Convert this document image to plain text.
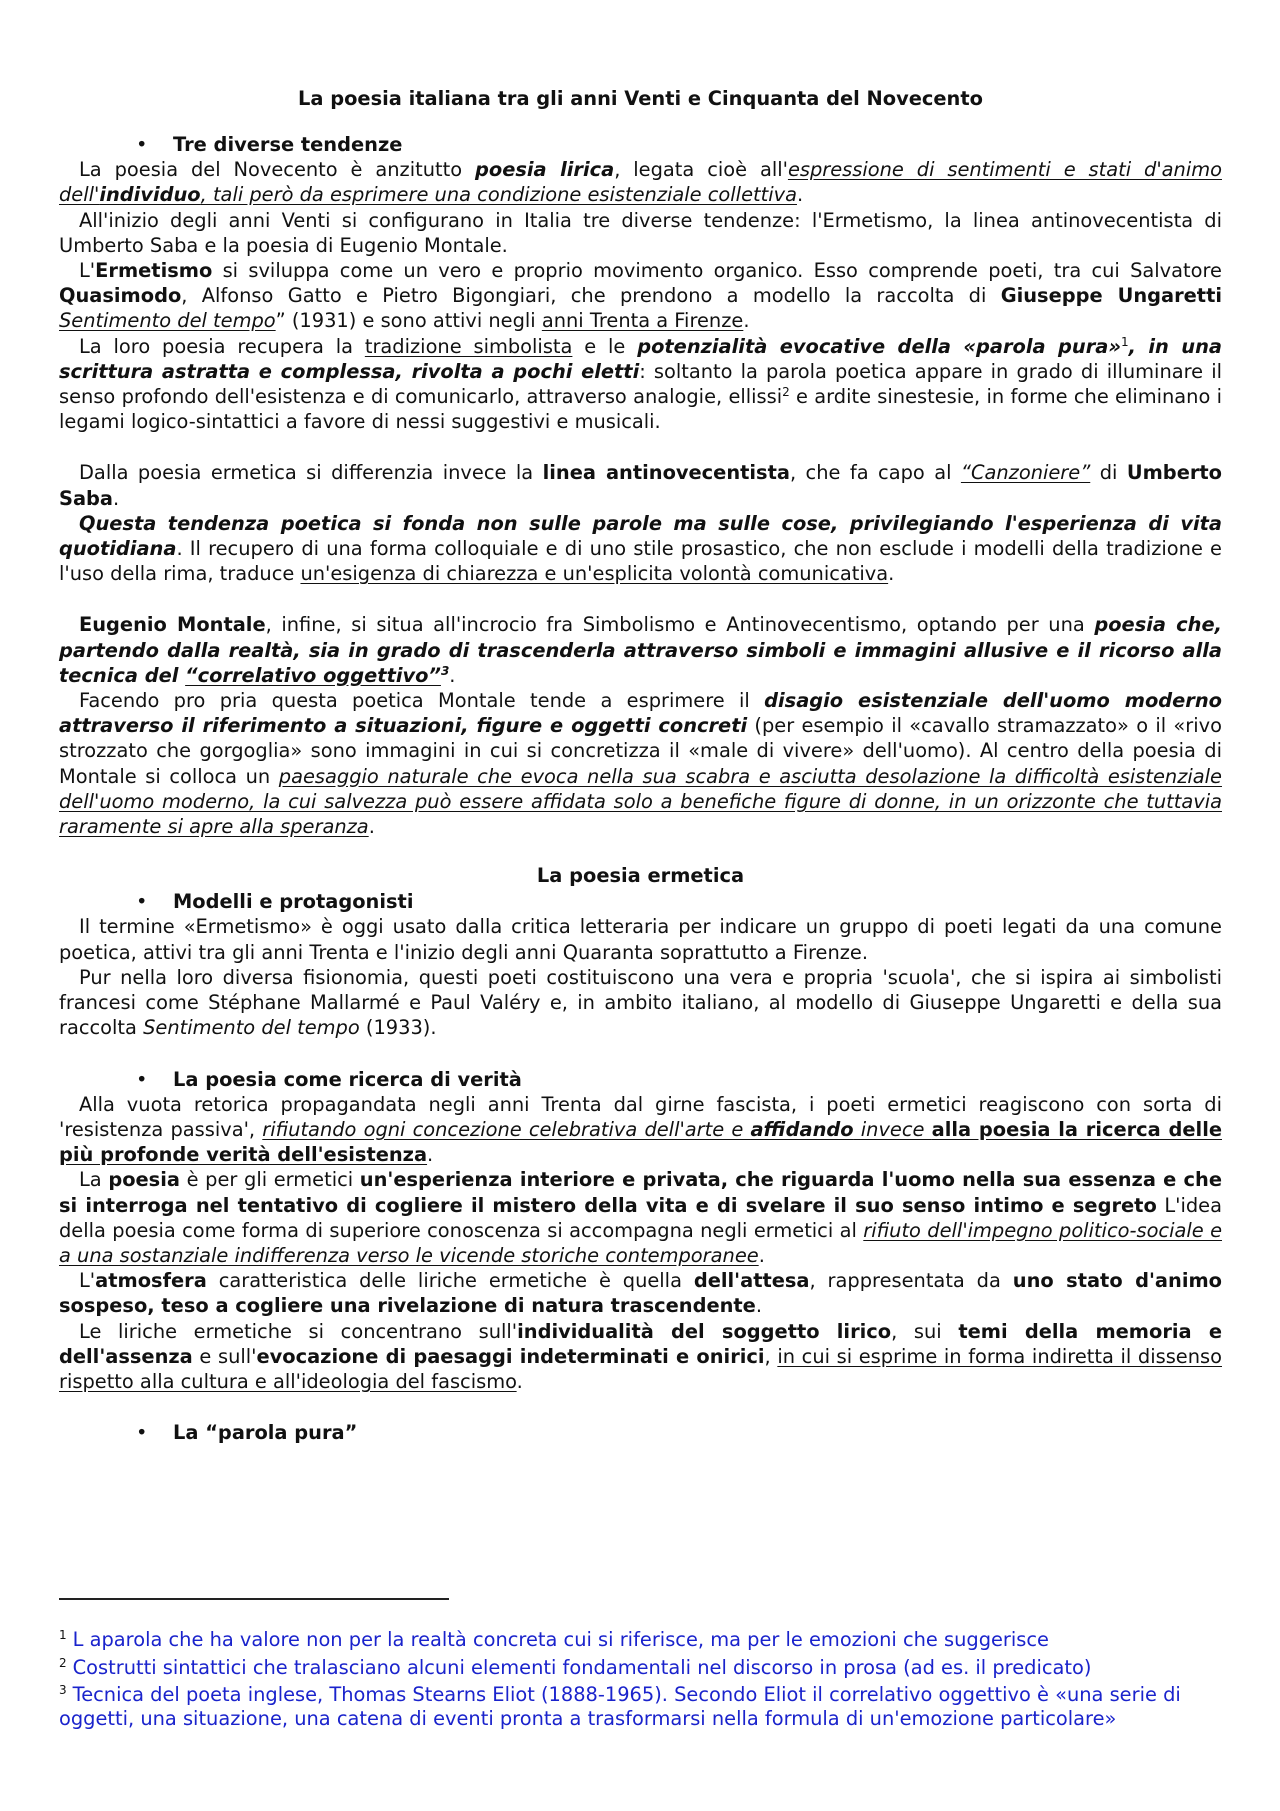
La poesia italiana tra gli anni Venti e Cinquanta del Novecento
• Tre diverse tendenze

La poesia del Novecento è anzitutto poesia lirica, legata cioè all'espressione di sentimenti e stati d'animo dell'individuo, tali però da esprimere una condizione esistenziale collettiva.

All'inizio degli anni Venti si configurano in Italia tre diverse tendenze: l'Ermetismo, la linea antinovecentista di Umberto Saba e la poesia di Eugenio Montale.

L'Ermetismo si sviluppa come un vero e proprio movimento organico. Esso comprende poeti, tra cui Salvatore Quasimodo, Alfonso Gatto e Pietro Bigongiari, che prendono a modello la raccolta di Giuseppe Ungaretti Sentimento del tempo” (1931) e sono attivi negli anni Trenta a Firenze.

La loro poesia recupera la tradizione simbolista e le potenzialità evocative della «parola pura»$^1$, in una scrittura astratta e complessa, rivolta a pochi eletti: soltanto la parola poetica appare in grado di illuminare il senso profondo dell'esistenza e di comunicarlo, attraverso analogie, ellissi$^2$ e ardite sinestesie, in forme che eliminano i legami logico-sintattici a favore di nessi suggestivi e musicali.

Dalla poesia ermetica si differenzia invece la linea antinovecentista, che fa capo al “Canzoniere” di Umberto Saba.

Questa tendenza poetica si fonda non sulle parole ma sulle cose, privilegiando l'esperienza di vita quotidiana. Il recupero di una forma colloquiale e di uno stile prosastico, che non esclude i modelli della tradizione e l'uso della rima, traduce un'esigenza di chiarezza e un'esplicita volontà comunicativa.

Eugenio Montale, infine, si situa all'incrocio fra Simbolismo e Antinovecentismo, optando per una poesia che, partendo dalla realtà, sia in grado di trascenderla attraverso simboli e immagini allusive e il ricorso alla tecnica del “correlativo oggettivo”$^3$.

Facendo pro pria questa poetica Montale tende a esprimere il disagio esistenziale dell'uomo moderno attraverso il riferimento a situazioni, figure e oggetti concreti (per esempio il «cavallo stramazzato» o il «rivo strozzato che gorgoglia» sono immagini in cui si concretizza il «male di vivere» dell'uomo). Al centro della poesia di Montale si colloca un paesaggio naturale che evoca nella sua scabra e asciutta desolazione la difficoltà esistenziale dell'uomo moderno, la cui salvezza può essere affidata solo a benefiche figure di donne, in un orizzonte che tuttavia raramente si apre alla speranza.

La poesia ermetica
• Modelli e protagonisti

Il termine «Ermetismo» è oggi usato dalla critica letteraria per indicare un gruppo di poeti legati da una comune poetica, attivi tra gli anni Trenta e l'inizio degli anni Quaranta soprattutto a Firenze.

Pur nella loro diversa fisionomia, questi poeti costituiscono una vera e propria 'scuola', che si ispira ai simbolisti francesi come Stéphane Mallarmé e Paul Valéry e, in ambito italiano, al modello di Giuseppe Ungaretti e della sua raccolta Sentimento del tempo (1933).

• La poesia come ricerca di verità

Alla vuota retorica propagandata negli anni Trenta dal girne fascista, i poeti ermetici reagiscono con sorta di 'resistenza passiva', rifiutando ogni concezione celebrativa dell'arte e affidando invece alla poesia la ricerca delle più profonde verità dell'esistenza.

La poesia è per gli ermetici un'esperienza interiore e privata, che riguarda l'uomo nella sua essenza e che si interroga nel tentativo di cogliere il mistero della vita e di svelare il suo senso intimo e segreto L'idea della poesia come forma di superiore conoscenza si accompagna negli ermetici al rifiuto dell'impegno politico-sociale e a una sostanziale indifferenza verso le vicende storiche contemporanee.

L'atmosfera caratteristica delle liriche ermetiche è quella dell'attesa, rappresentata da uno stato d'animo sospeso, teso a cogliere una rivelazione di natura trascendente.

Le liriche ermetiche si concentrano sull'individualità del soggetto lirico, sui temi della memoria e dell'assenza e sull'evocazione di paesaggi indeterminati e onirici, in cui si esprime in forma indiretta il dissenso rispetto alla cultura e all'ideologia del fascismo.

• La “parola pura”
$^1$ L aparola che ha valore non per la realtà concreta cui si riferisce, ma per le emozioni che suggerisce
$^2$ Costrutti sintattici che tralasciano alcuni elementi fondamentali nel discorso in prosa (ad es. il predicato)
$^3$ Tecnica del poeta inglese, Thomas Stearns Eliot (1888-1965). Secondo Eliot il correlativo oggettivo è «una serie di oggetti, una situazione, una catena di eventi pronta a trasformarsi nella formula di un'emozione particolare»
